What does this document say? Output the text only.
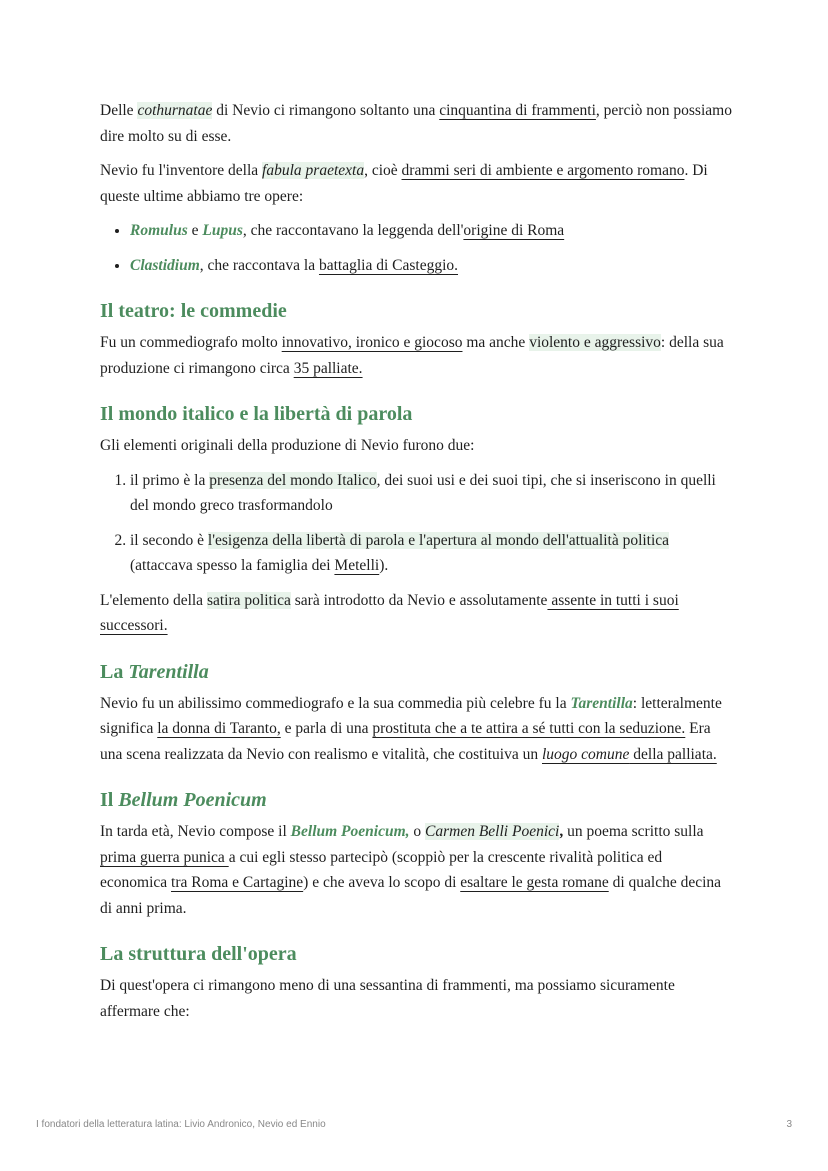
Delle cothurnatae di Nevio ci rimangono soltanto una cinquantina di frammenti, perciò non possiamo dire molto su di esse.

Nevio fu l'inventore della fabula praetexta, cioè drammi seri di ambiente e argomento romano. Di queste ultime abbiamo tre opere:

• Romulus e Lupus, che raccontavano la leggenda dell'origine di Roma
• Clastidium, che raccontava la battaglia di Casteggio.
Il teatro: le commedie

Fu un commediografo molto innovativo, ironico e giocoso ma anche violento e aggressivo: della sua produzione ci rimangono circa 35 palliate.

Il mondo italico e la libertà di parola

Gli elementi originali della produzione di Nevio furono due:

1. il primo è la presenza del mondo Italico, dei suoi usi e dei suoi tipi, che si inseriscono in quelli del mondo greco trasformandolo
2. il secondo è l'esigenza della libertà di parola e l'apertura al mondo dell'attualità politica (attaccava spesso la famiglia dei Metelli).

L'elemento della satira politica sarà introdotto da Nevio e assolutamente assente in tutti i suoi successori.

La Tarentilla

Nevio fu un abilissimo commediografo e la sua commedia più celebre fu la Tarentilla: letteralmente significa la donna di Taranto, e parla di una prostituta che a te attira a sé tutti con la seduzione. Era una scena realizzata da Nevio con realismo e vitalità, che costituiva un luogo comune della palliata.

Il Bellum Poenicum

In tarda età, Nevio compose il Bellum Poenicum, o Carmen Belli Poenici, un poema scritto sulla prima guerra punica a cui egli stesso partecipò (scoppiò per la crescente rivalità politica ed economica tra Roma e Cartagine) e che aveva lo scopo di esaltare le gesta romane di qualche decina di anni prima.

La struttura dell'opera

Di quest'opera ci rimangono meno di una sessantina di frammenti, ma possiamo sicuramente affermare che:

I fondatori della letteratura latina: Livio Andronico, Nevio ed Ennio	3
